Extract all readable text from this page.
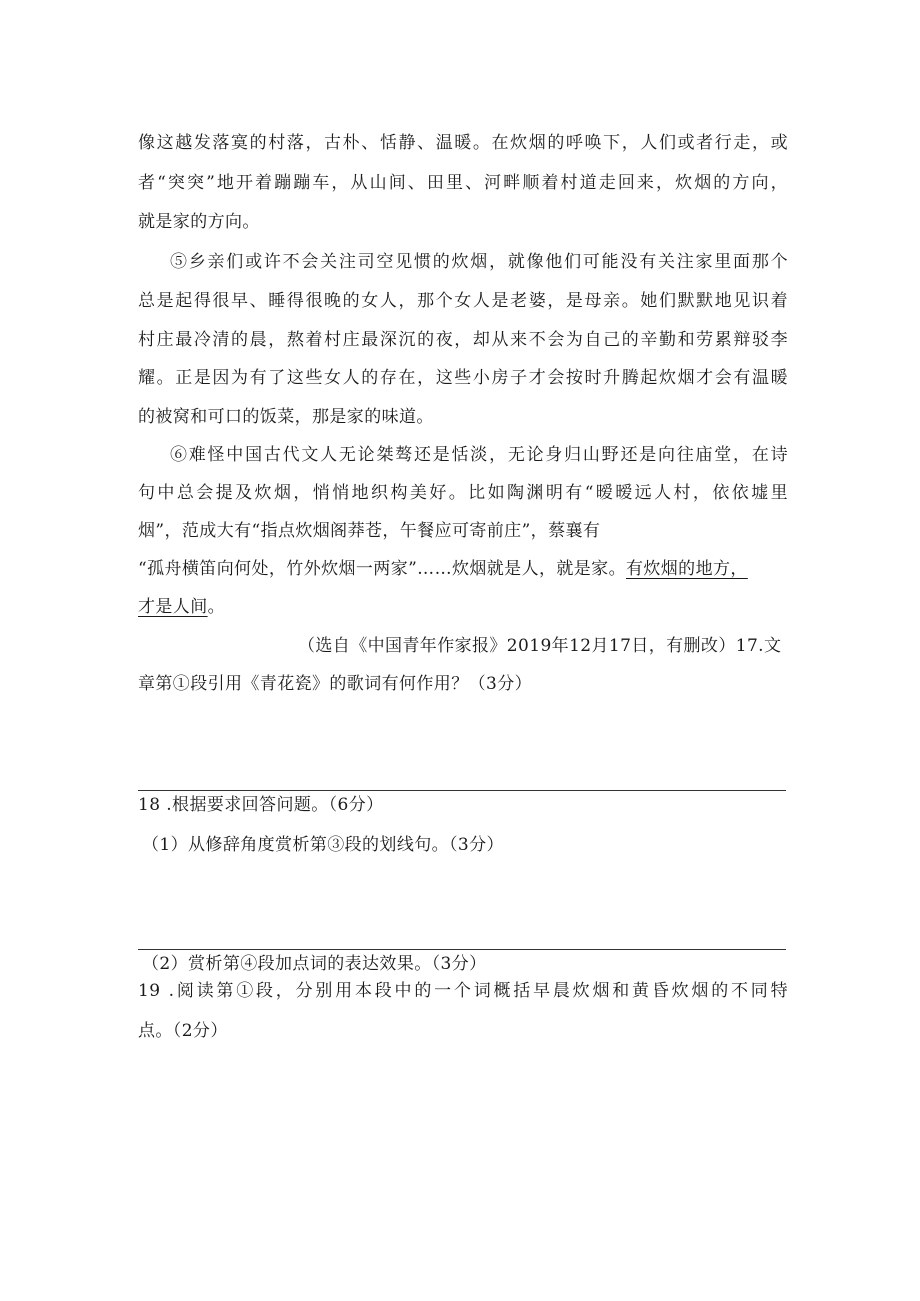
像这越发落寞的村落，古朴、恬静、温暖。在炊烟的呼唤下，人们或者行走，或
者“突突”地开着蹦蹦车，从山间、田里、河畔顺着村道走回来，炊烟的方向，
就是家的方向。
⑤乡亲们或许不会关注司空见惯的炊烟，就像他们可能没有关注家里面那个
总是起得很早、睡得很晚的女人，那个女人是老婆，是母亲。她们默默地见识着
村庄最冷清的晨，熬着村庄最深沉的夜，却从来不会为自己的辛勤和劳累辩驳李
耀。正是因为有了这些女人的存在，这些小房子才会按时升腾起炊烟才会有温暖
的被窝和可口的饭菜，那是家的味道。
⑥难怪中国古代文人无论桀骜还是恬淡，无论身归山野还是向往庙堂，在诗
句中总会提及炊烟，悄悄地织构美好。比如陶渊明有“暧暧远人村，依依墟里
烟”，范成大有“指点炊烟阁莽苍，午餐应可寄前庄”，蔡襄有
“孤舟横笛向何处，竹外炊烟一两家”……炊烟就是人，就是家。有炊烟的地方，
才是人间。
（选自《中国青年作家报》2019年12月17日，有删改）17.文
章第①段引用《青花瓷》的歌词有何作用？（3分）
18 .根据要求回答问题。（6分）
（1）从修辞角度赏析第③段的划线句。（3分）
（2）赏析第④段加点词的表达效果。（3分）
19 .阅读第①段，分别用本段中的一个词概括早晨炊烟和黄昏炊烟的不同特
点。（2分）
